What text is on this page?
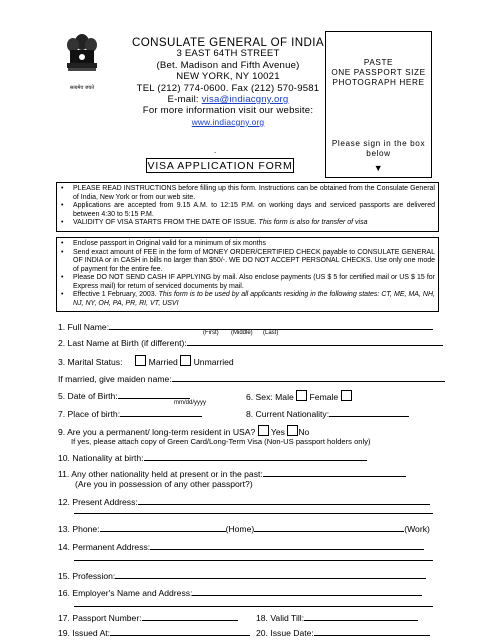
सत्यमेव जयते
CONSULATE GENERAL OF INDIA
3 EAST 64TH STREET
(Bet. Madison and Fifth Avenue)
NEW YORK, NY 10021
TEL (212) 774-0600. Fax (212) 570-9581
E-mail: visa@indiacgny.org
For more information visit our website:
www.indiacgny.org
PASTE
ONE PASSPORT SIZE
PHOTOGRAPH HERE
Please sign in the box
below
▼
.
VISA APPLICATION FORM
• PLEASE READ INSTRUCTIONS before filling up this form. Instructions can be obtained from the Consulate General of India, New York or from our web site.
• Applications are accepted from 9.15 A.M. to 12:15 P.M. on working days and serviced passports are delivered between 4:30 to 5:15 P.M.
• VALIDITY OF VISA STARTS FROM THE DATE OF ISSUE. This form is also for transfer of visa
• Enclose passport in Original valid for a minimum of six months
• Send exact amount of FEE in the form of MONEY ORDER/CERTIFIED CHECK payable to CONSULATE GENERAL OF INDIA or in CASH in bills no larger than $50/-. WE DO NOT ACCEPT PERSONAL CHECKS. Use only one mode of payment for the entire fee.
• Please DO NOT SEND CASH IF APPLYING by mail. Also enclose payments (US $ 5 for certified mail or US $ 15 for Express mail) for return of serviced documents by mail.
• Effective 1 February, 2003. This form is to be used by all applicants residing in the following states: CT, ME, MA, NH, NJ, NY, OH, PA, PR, RI, VT, USVI
1. Full Name:
(First) (Middle) (Last)
2. Last Name at Birth (if different):
3. Marital Status:	Married Unmarried
If married, give maiden name:
5. Date of Birth:
mm/dd/yyyy
6. Sex: Male Female
7. Place of birth:	8. Current Nationality:
9. Are you a permanent/ long-term resident in USA? Yes No
If yes, please attach copy of Green Card/Long-Term Visa (Non-US passport holders only)
10. Nationality at birth:
11. Any other nationality held at present or in the past:
(Are you in possession of any other passport?)
12. Present Address:
13. Phone:	(Home)	(Work)
14. Permanent Address:
15. Profession:
16. Employer's Name and Address:
17. Passport Number:	18. Valid Till:
19. Issued At:	20. Issue Date:
